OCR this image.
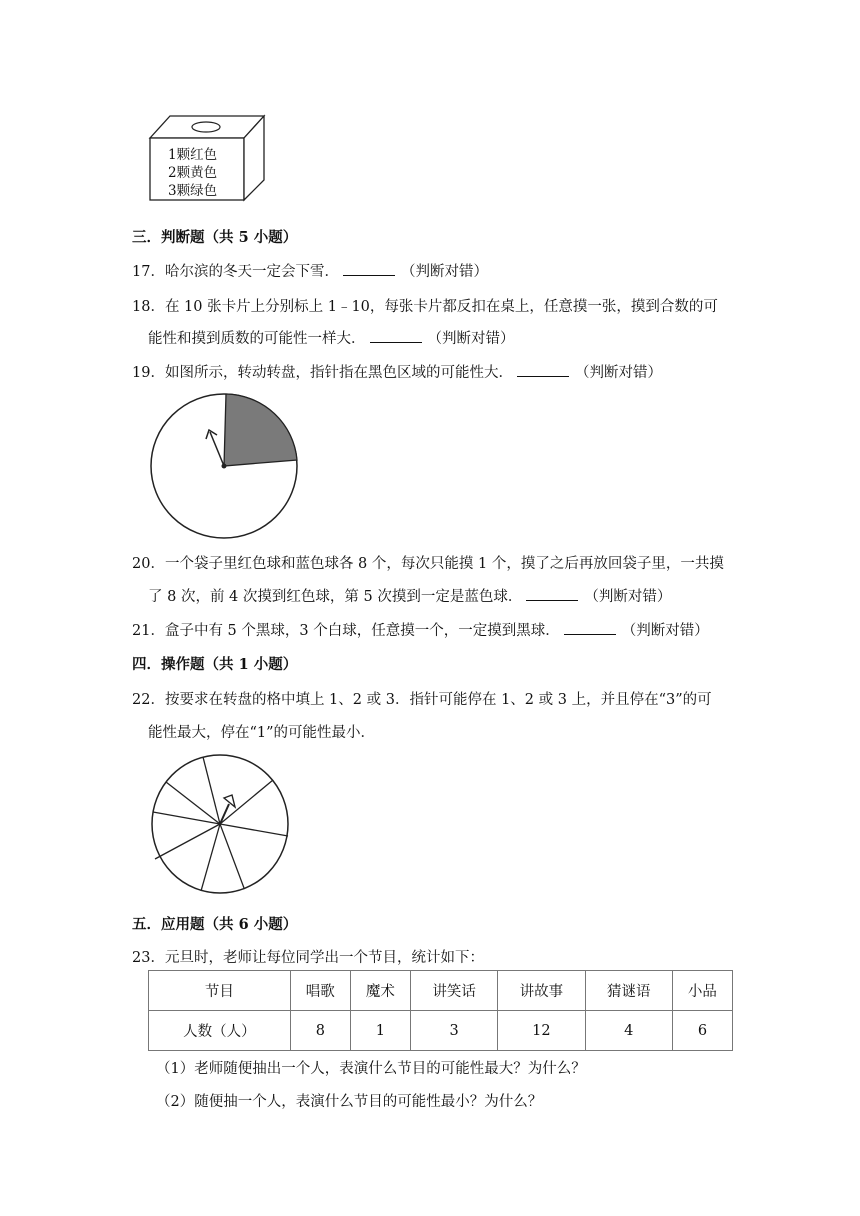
1颗红色
2颗黄色
3颗绿色
三．判断题（共 5 小题）
17．哈尔滨的冬天一定会下雪．	（判断对错）
18．在 10 张卡片上分别标上 1﹣10，每张卡片都反扣在桌上，任意摸一张，摸到合数的可
能性和摸到质数的可能性一样大．	（判断对错）
19．如图所示，转动转盘，指针指在黑色区域的可能性大．	（判断对错）
20．一个袋子里红色球和蓝色球各 8 个，每次只能摸 1 个，摸了之后再放回袋子里，一共摸
了 8 次，前 4 次摸到红色球，第 5 次摸到一定是蓝色球．	（判断对错）
21．盒子中有 5 个黑球，3 个白球，任意摸一个，一定摸到黑球．	（判断对错）
四．操作题（共 1 小题）
22．按要求在转盘的格中填上 1、2 或 3．指针可能停在 1、2 或 3 上，并且停在“3”的可
能性最大，停在“1”的可能性最小．
五．应用题（共 6 小题）
23．元旦时，老师让每位同学出一个节目，统计如下：
节目	唱歌	魔术	讲笑话	讲故事	猜谜语	小品
人数（人）	8	1	3	12	4	6
（1）老师随便抽出一个人，表演什么节目的可能性最大？为什么？
（2）随便抽一个人，表演什么节目的可能性最小？为什么？
